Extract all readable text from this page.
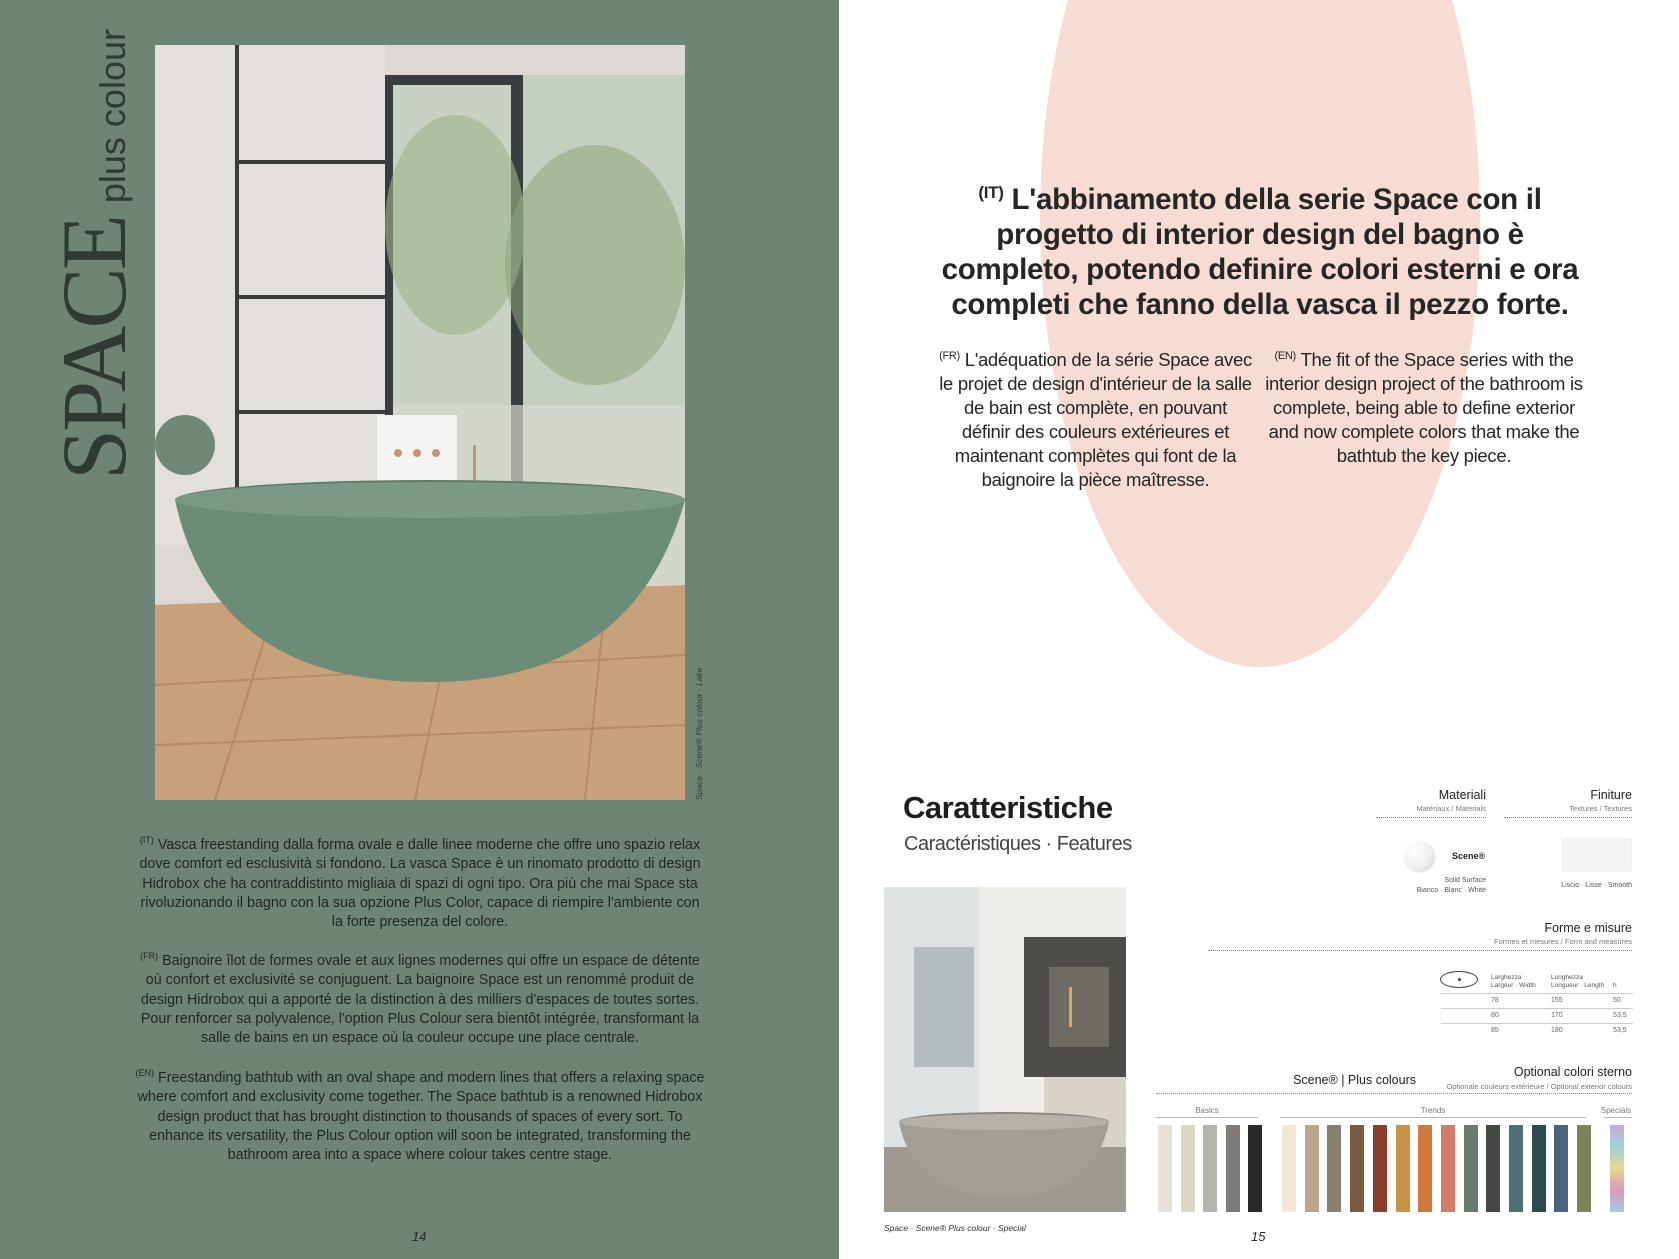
SPACE
plus colour
Space · Scene® Plus colour · Lake

$^{(IT)}$ Vasca freestanding dalla forma ovale e dalle linee moderne che offre uno spazio relax dove comfort ed esclusività si fondono. La vasca Space è un rinomato prodotto di design Hidrobox che ha contraddistinto migliaia di spazi di ogni tipo. Ora più che mai Space sta rivoluzionando il bagno con la sua opzione Plus Color, capace di riempire l'ambiente con la forte presenza del colore.

$^{(FR)}$ Baignoire îlot de formes ovale et aux lignes modernes qui offre un espace de détente où confort et exclusivité se conjuguent. La baignoire Space est un renommé produit de design Hidrobox qui a apporté de la distinction à des milliers d'espaces de toutes sortes. Pour renforcer sa polyvalence, l'option Plus Colour sera bientôt intégrée, transformant la salle de bains en un espace où la couleur occupe une place centrale.

$^{(EN)}$ Freestanding bathtub with an oval shape and modern lines that offers a relaxing space where comfort and exclusivity come together. The Space bathtub is a renowned Hidrobox design product that has brought distinction to thousands of spaces of every sort. To enhance its versatility, the Plus Colour option will soon be integrated, transforming the bathroom area into a space where colour takes centre stage.

14

$^{(IT)}$ L'abbinamento della serie Space con il progetto di interior design del bagno è completo, potendo definire colori esterni e ora completi che fanno della vasca il pezzo forte.

$^{(FR)}$ L'adéquation de la série Space avec le projet de design d'intérieur de la salle de bain est complète, en pouvant définir des couleurs extérieures et maintenant complètes qui font de la baignoire la pièce maîtresse.

$^{(EN)}$ The fit of the Space series with the interior design project of the bathroom is complete, being able to define exterior and now complete colors that make the bathtub the key piece.

Caratteristiche
Caractéristiques · Features
Space · Scene® Plus colour · Special
Materiali
Matériaux / Materials
Scene®
Solid Surface
Bianco · Blanc · White
Finiture
Textures / Textures
Liscio · Lisse · Smooth
Forme e misure
Formes et mesures / Form and measures
Larghezza
Largeur · Width
Lunghezza
Longueur · Length h
78	155	50
80	170	53,5
85	180	53,5
Scene® | Plus colours
Optional colori sterno
Optionale couleurs extérieure / Optional exterior colours
Basics	Trends	Specials
15
